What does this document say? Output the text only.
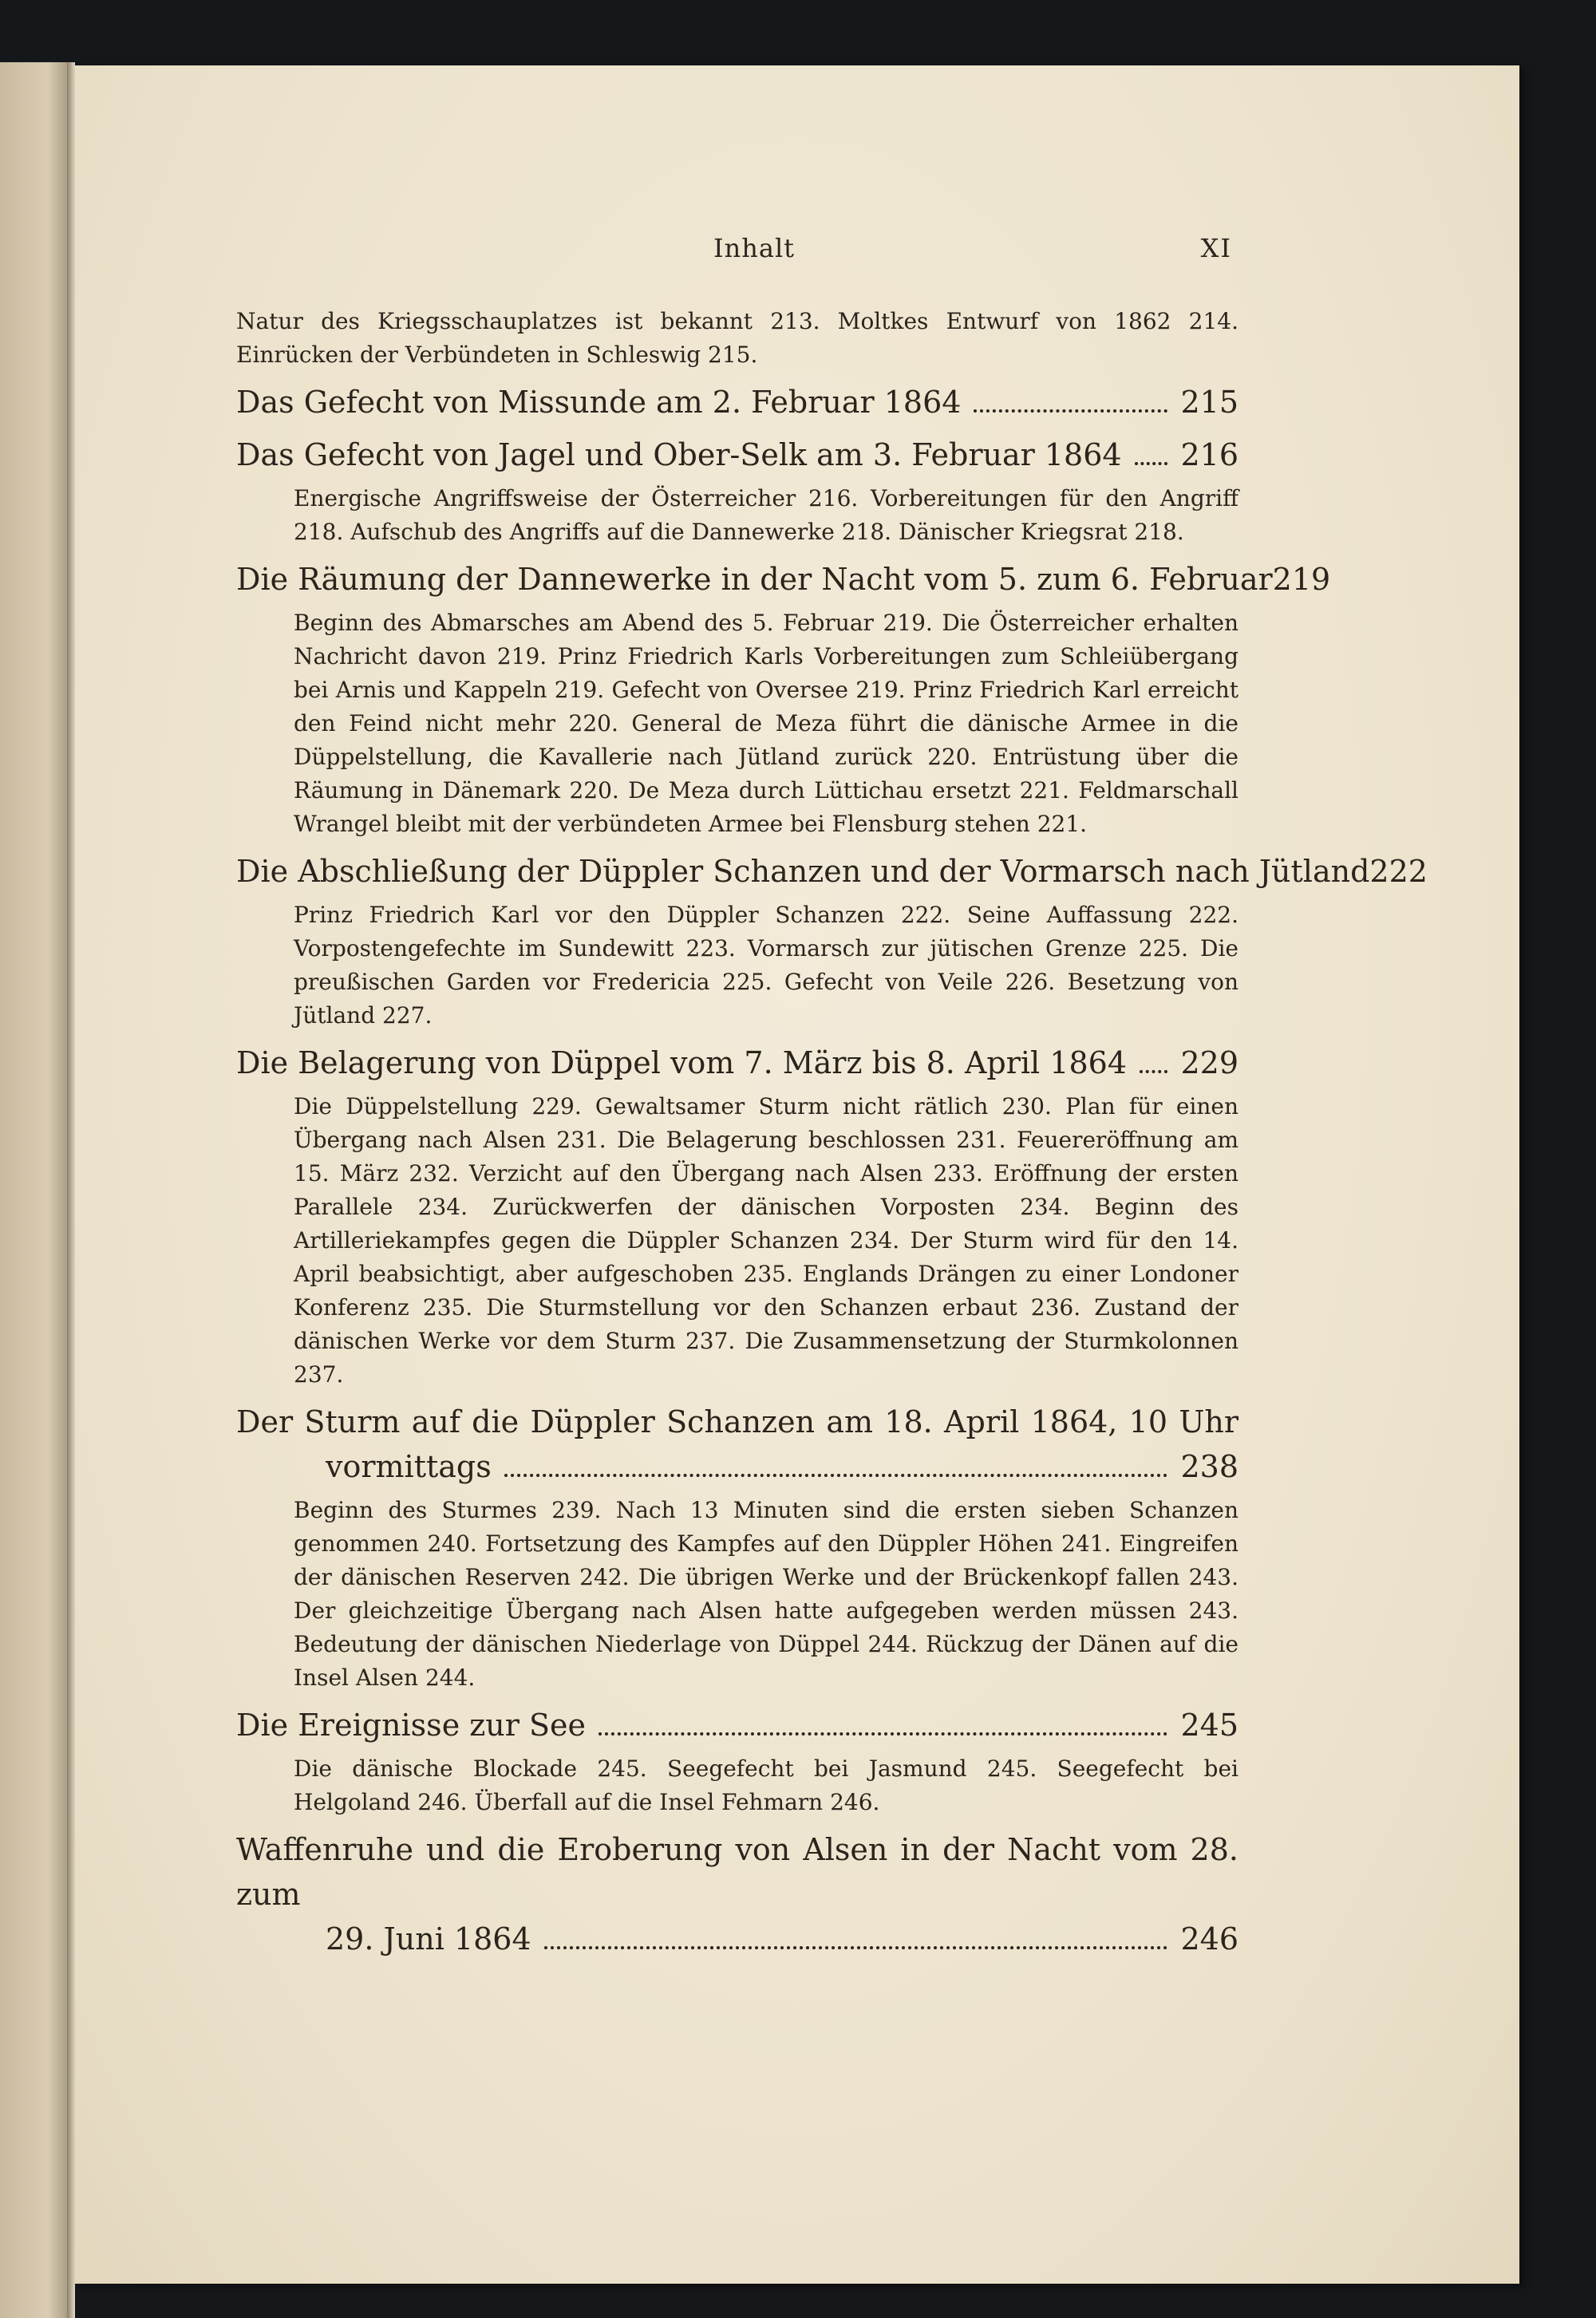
Inhalt	XI

Natur des Kriegsschauplatzes ist bekannt 213. Moltkes Entwurf von 1862 214. Einrücken der Verbündeten in Schleswig 215.

Das Gefecht von Missunde am 2. Februar 1864	215
Das Gefecht von Jagel und Ober-Selk am 3. Februar 1864 216

Energische Angriffsweise der Österreicher 216. Vorbereitungen für den Angriff 218. Aufschub des Angriffs auf die Dannewerke 218. Dänischer Kriegsrat 218.

Die Räumung der Dannewerke in der Nacht vom 5. zum 6. Februar 219

Beginn des Abmarsches am Abend des 5. Februar 219. Die Österreicher erhalten Nachricht davon 219. Prinz Friedrich Karls Vorbereitungen zum Schleiübergang bei Arnis und Kappeln 219. Gefecht von Oversee 219. Prinz Friedrich Karl erreicht den Feind nicht mehr 220. General de Meza führt die dänische Armee in die Düppelstellung, die Kavallerie nach Jütland zurück 220. Entrüstung über die Räumung in Dänemark 220. De Meza durch Lüttichau ersetzt 221. Feldmarschall Wrangel bleibt mit der verbündeten Armee bei Flensburg stehen 221.

Die Abschließung der Düppler Schanzen und der Vormarsch nach Jütland 222

Prinz Friedrich Karl vor den Düppler Schanzen 222. Seine Auffassung 222. Vorpostengefechte im Sundewitt 223. Vormarsch zur jütischen Grenze 225. Die preußischen Garden vor Fredericia 225. Gefecht von Veile 226. Besetzung von Jütland 227.

Die Belagerung von Düppel vom 7. März bis 8. April 1864 229

Die Düppelstellung 229. Gewaltsamer Sturm nicht rätlich 230. Plan für einen Übergang nach Alsen 231. Die Belagerung beschlossen 231. Feuereröffnung am 15. März 232. Verzicht auf den Übergang nach Alsen 233. Eröffnung der ersten Parallele 234. Zurückwerfen der dänischen Vorposten 234. Beginn des Artilleriekampfes gegen die Düppler Schanzen 234. Der Sturm wird für den 14. April beabsichtigt, aber aufgeschoben 235. Englands Drängen zu einer Londoner Konferenz 235. Die Sturmstellung vor den Schanzen erbaut 236. Zustand der dänischen Werke vor dem Sturm 237. Die Zusammensetzung der Sturmkolonnen 237.

Der Sturm auf die Düppler Schanzen am 18. April 1864, 10 Uhr
vormittags	238

Beginn des Sturmes 239. Nach 13 Minuten sind die ersten sieben Schanzen genommen 240. Fortsetzung des Kampfes auf den Düppler Höhen 241. Eingreifen der dänischen Reserven 242. Die übrigen Werke und der Brückenkopf fallen 243. Der gleichzeitige Übergang nach Alsen hatte aufgegeben werden müssen 243. Bedeutung der dänischen Niederlage von Düppel 244. Rückzug der Dänen auf die Insel Alsen 244.

Die Ereignisse zur See	245

Die dänische Blockade 245. Seegefecht bei Jasmund 245. Seegefecht bei Helgoland 246. Überfall auf die Insel Fehmarn 246.

Waffenruhe und die Eroberung von Alsen in der Nacht vom 28. zum
29. Juni 1864	246
